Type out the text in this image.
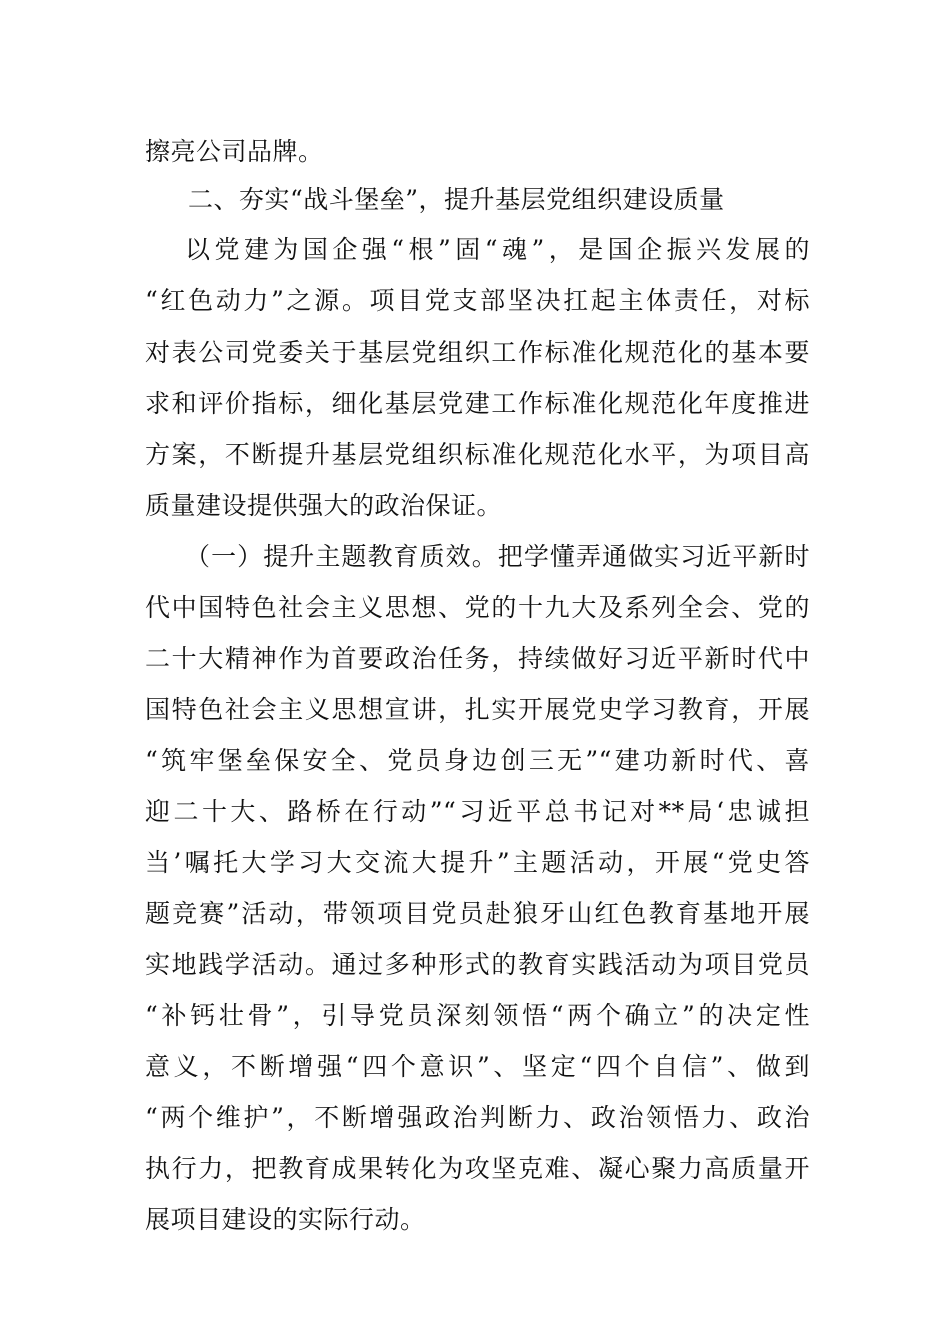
擦亮公司品牌。
二、夯实“战斗堡垒”，提升基层党组织建设质量
以党建为国企强“根”固“魂”，是国企振兴发展的
“红色动力”之源。项目党支部坚决扛起主体责任，对标
对表公司党委关于基层党组织工作标准化规范化的基本要
求和评价指标，细化基层党建工作标准化规范化年度推进
方案，不断提升基层党组织标准化规范化水平，为项目高
质量建设提供强大的政治保证。
（一）提升主题教育质效。把学懂弄通做实习近平新时
代中国特色社会主义思想、党的十九大及系列全会、党的
二十大精神作为首要政治任务，持续做好习近平新时代中
国特色社会主义思想宣讲，扎实开展党史学习教育，开展
“筑牢堡垒保安全、党员身边创三无”“建功新时代、喜
迎二十大、路桥在行动”“习近平总书记对**局‘忠诚担
当’嘱托大学习大交流大提升”主题活动，开展“党史答
题竞赛”活动，带领项目党员赴狼牙山红色教育基地开展
实地践学活动。通过多种形式的教育实践活动为项目党员
“补钙壮骨”，引导党员深刻领悟“两个确立”的决定性
意义，不断增强“四个意识”、坚定“四个自信”、做到
“两个维护”，不断增强政治判断力、政治领悟力、政治
执行力，把教育成果转化为攻坚克难、凝心聚力高质量开
展项目建设的实际行动。
